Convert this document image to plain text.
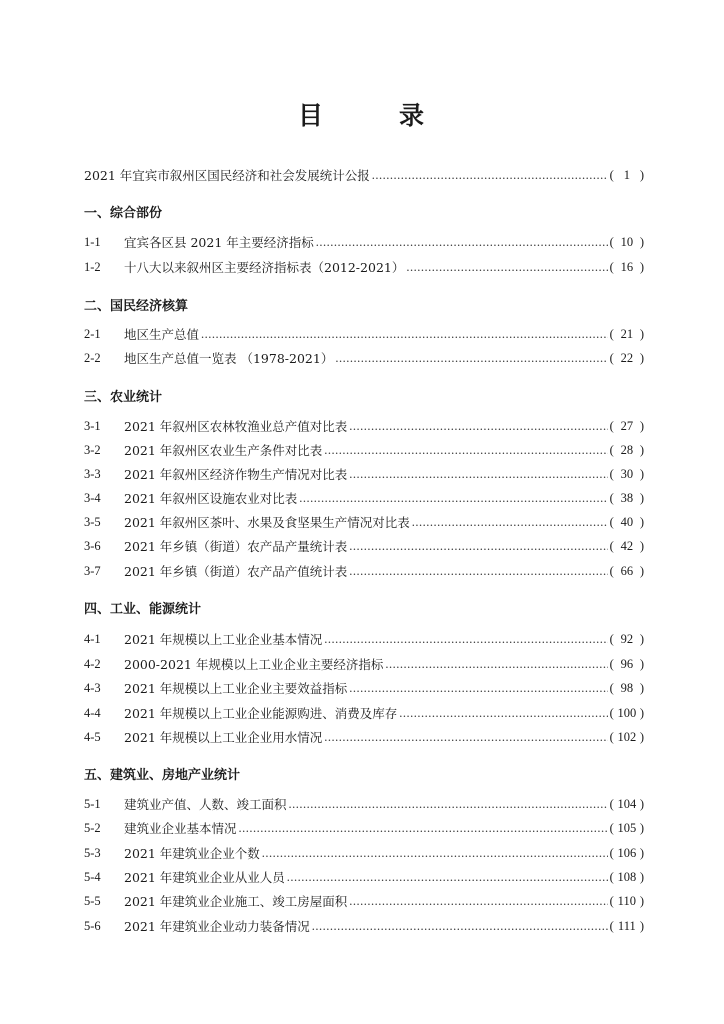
目	录
2021 年宜宾市叙州区国民经济和社会发展统计公报 .....	( 1 )
一、综合部份
1-1	宜宾各区县 2021 年主要经济指标 .....	( 10 )
1-2	十八大以来叙州区主要经济指标表（2012-2021） .....	( 16 )
二、国民经济核算
2-1	地区生产总值 .....	( 21 )
2-2	地区生产总值一览表 （1978-2021） .....	( 22 )
三、农业统计
3-1	2021 年叙州区农林牧渔业总产值对比表 .....	( 27 )
3-2	2021 年叙州区农业生产条件对比表 .....	( 28 )
3-3	2021 年叙州区经济作物生产情况对比表 .....	( 30 )
3-4	2021 年叙州区设施农业对比表 .....	( 38 )
3-5	2021 年叙州区茶叶、水果及食坚果生产情况对比表 .....	( 40 )
3-6	2021 年乡镇（街道）农产品产量统计表 .....	( 42 )
3-7	2021 年乡镇（街道）农产品产值统计表 .....	( 66 )
四、工业、能源统计
4-1	2021 年规模以上工业企业基本情况 .....	( 92 )
4-2	2000-2021 年规模以上工业企业主要经济指标 .....	( 96 )
4-3	2021 年规模以上工业企业主要效益指标 .....	( 98 )
4-4	2021 年规模以上工业企业能源购进、消费及库存 .....	( 100 )
4-5	2021 年规模以上工业企业用水情况 .....	( 102 )
五、建筑业、房地产业统计
5-1	建筑业产值、人数、竣工面积 .....	( 104 )
5-2	建筑业企业基本情况 .....	( 105 )
5-3	2021 年建筑业企业个数 .....	( 106 )
5-4	2021 年建筑业企业从业人员 .....	( 108 )
5-5	2021 年建筑业企业施工、竣工房屋面积 .....	( 110 )
5-6	2021 年建筑业企业动力装备情况 .....	( 111 )
